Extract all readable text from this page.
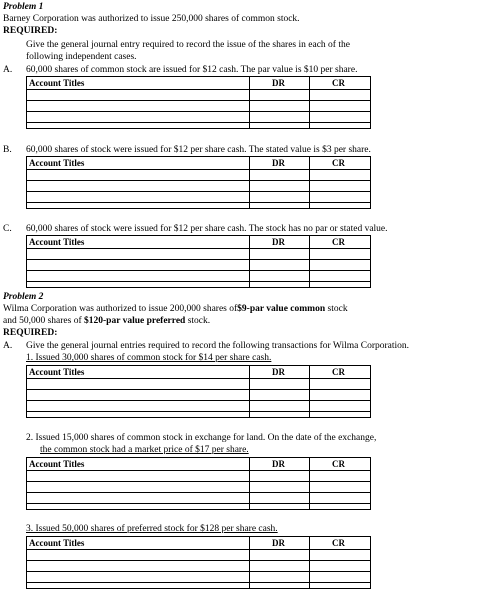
Problem 1
Barney Corporation was authorized to issue 250,000 shares of common stock.
REQUIRED:
Give the general journal entry required to record the issue of the shares in each of the
following independent cases.
A. 60,000 shares of common stock are issued for $12 cash. The par value is $10 per share.
Account Titles	DR	CR
B. 60,000 shares of stock were issued for $12 per share cash. The stated value is $3 per share.
Account Titles	DR	CR
C. 60,000 shares of stock were issued for $12 per share cash. The stock has no par or stated value.
Account Titles	DR	CR
Problem 2
Wilma Corporation was authorized to issue 200,000 shares of$9-par value common stock
and 50,000 shares of $120-par value preferred stock.
REQUIRED:
A. Give the general journal entries required to record the following transactions for Wilma Corporation.
1. Issued 30,000 shares of common stock for $14 per share cash.
Account Titles	DR	CR
2. Issued 15,000 shares of common stock in exchange for land. On the date of the exchange,
the common stock had a market price of $17 per share.
Account Titles	DR	CR
3. Issued 50,000 shares of preferred stock for $128 per share cash.
Account Titles	DR	CR
